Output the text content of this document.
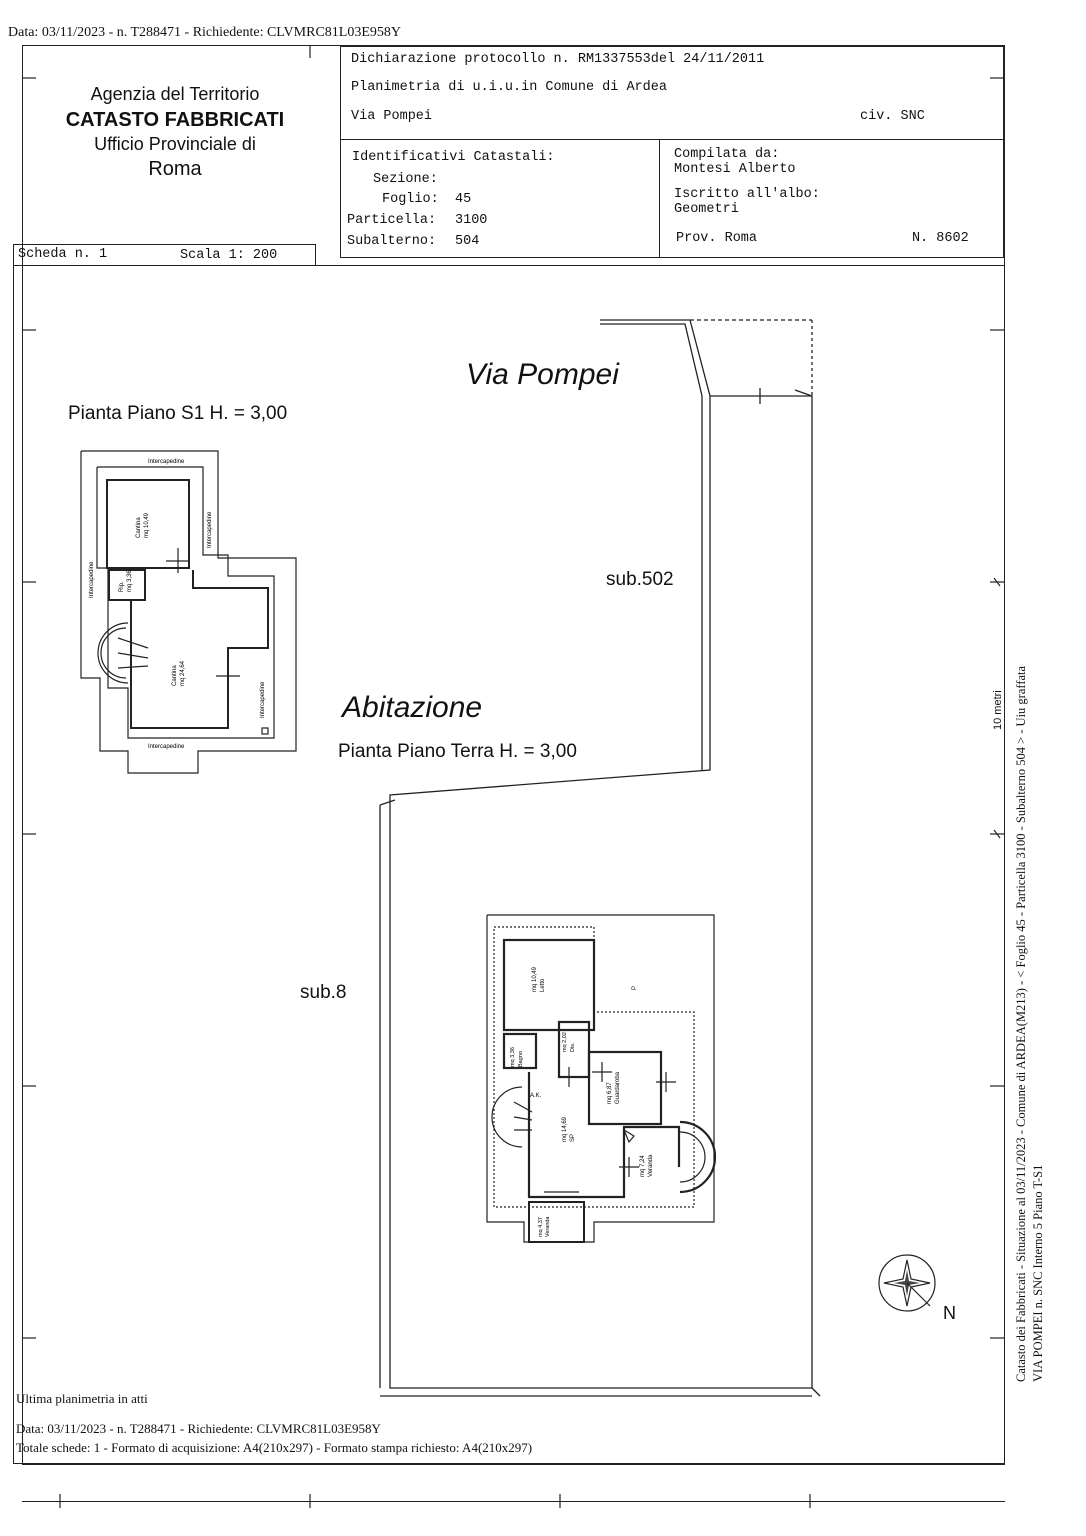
Data: 03/11/2023 - n. T288471 - Richiedente: CLVMRC81L03E958Y
Agenzia del Territorio
CATASTO FABBRICATI
Ufficio Provinciale di
Roma
Dichiarazione protocollo n. RM1337553del 24/11/2011
Planimetria di u.i.u.in Comune di Ardea
Via Pompei	civ. SNC
Identificativi Catastali:
Sezione:
Foglio: 45
Particella: 3100
Subalterno: 504
Compilata da:
Montesi Alberto
Iscritto all'albo:
Geometri
Prov. Roma	N. 8602
Scheda n. 1	Scala 1: 200
Intercapedine
Intercapedine
Intercapedine
Intercapedine
Intercapedine
Cantina mq 10,49
Rip. mq 3,36
Cantina mq 24,64
mq 10,49 Letto
mq 3,36 Bagno
mq 2,02 Dis.
mq 6,87 Guardaroba
mq 14,69 SP
mq 7,24 Veranda
mq 4,37 Veranda
A.K.
P
Via Pompei
Pianta Piano S1 H. = 3,00
sub.502
Abitazione
Pianta Piano Terra H. = 3,00
sub.8
N
10 metri Catasto dei Fabbricati - Situazione al 03/11/2023 - Comune di ARDEA(M213) - < Foglio 45 - Particella 3100 - Subalterno 504 > - Uiu graffata VIA POMPEI n. SNC Interno 5 Piano T-S1
Ultima planimetria in atti
Data: 03/11/2023 - n. T288471 - Richiedente: CLVMRC81L03E958Y
Totale schede: 1 - Formato di acquisizione: A4(210x297) - Formato stampa richiesto: A4(210x297)
